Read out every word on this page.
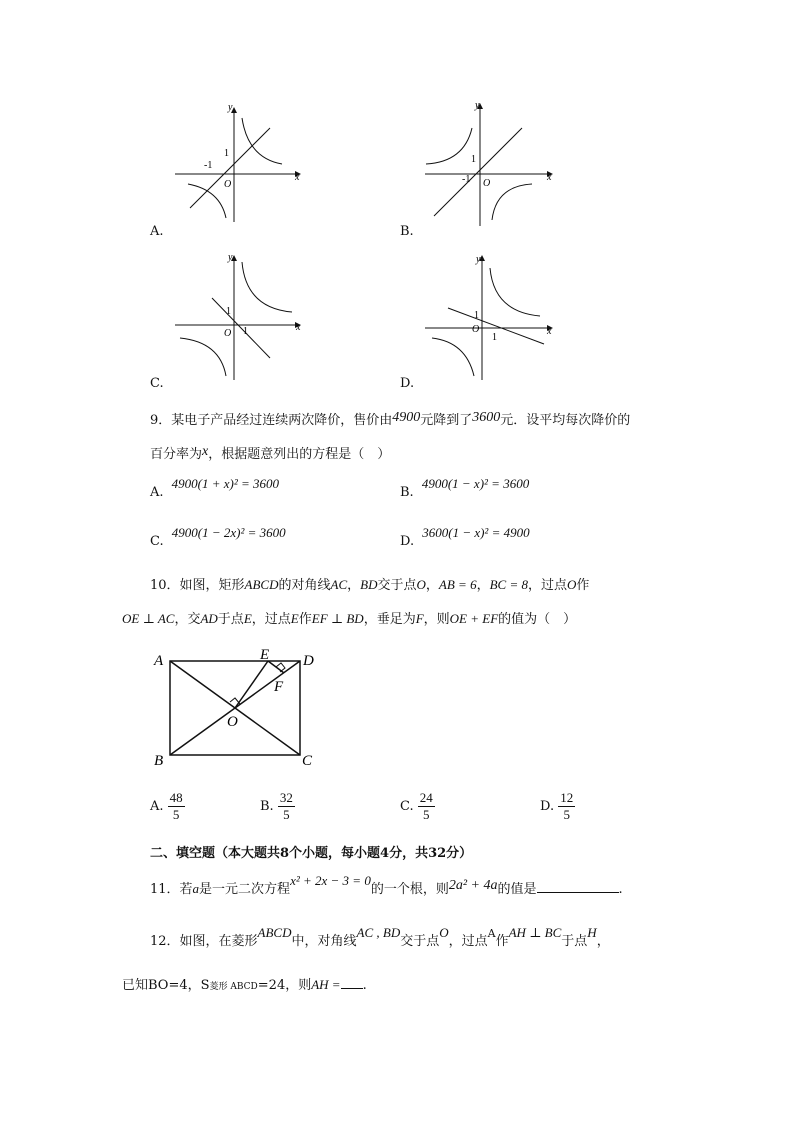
y
x
1
-1
O
A.
y
x
1
-1 O
B.
y
x
1
1
O
C.
y
x
1
1
O
D.
9．某电子产品经过连续两次降价，售价由4900元降到了3600元．设平均每次降价的
百分率为x，根据题意列出的方程是（　）
A. 4900(1 + x)² = 3600
B. 4900(1 − x)² = 3600
C. 4900(1 − 2x)² = 3600
D. 3600(1 − x)² = 4900
10．如图，矩形ABCD的对角线AC，BD交于点O，AB = 6，BC = 8，过点O作
OE ⊥ AC，交AD于点E，过点E作EF ⊥ BD，垂足为F，则OE + EF的值为（　）
A
B	C
D
E
F
O
A. $\frac{48}{5}$	B. $\frac{32}{5}$	C. $\frac{24}{5}$	D. $\frac{12}{5}$
二、填空题（本大题共8个小题，每小题4分，共32分）
11．若a是一元二次方程x² + 2x − 3 = 0的一个根，则2a² + 4a的值是	.
12．如图，在菱形ABCD中，对角线AC , BD交于点O，过点$^A$作AH ⊥ BC于点H，
已知BO=4，S菱形 ABCD=24，则AH = .
